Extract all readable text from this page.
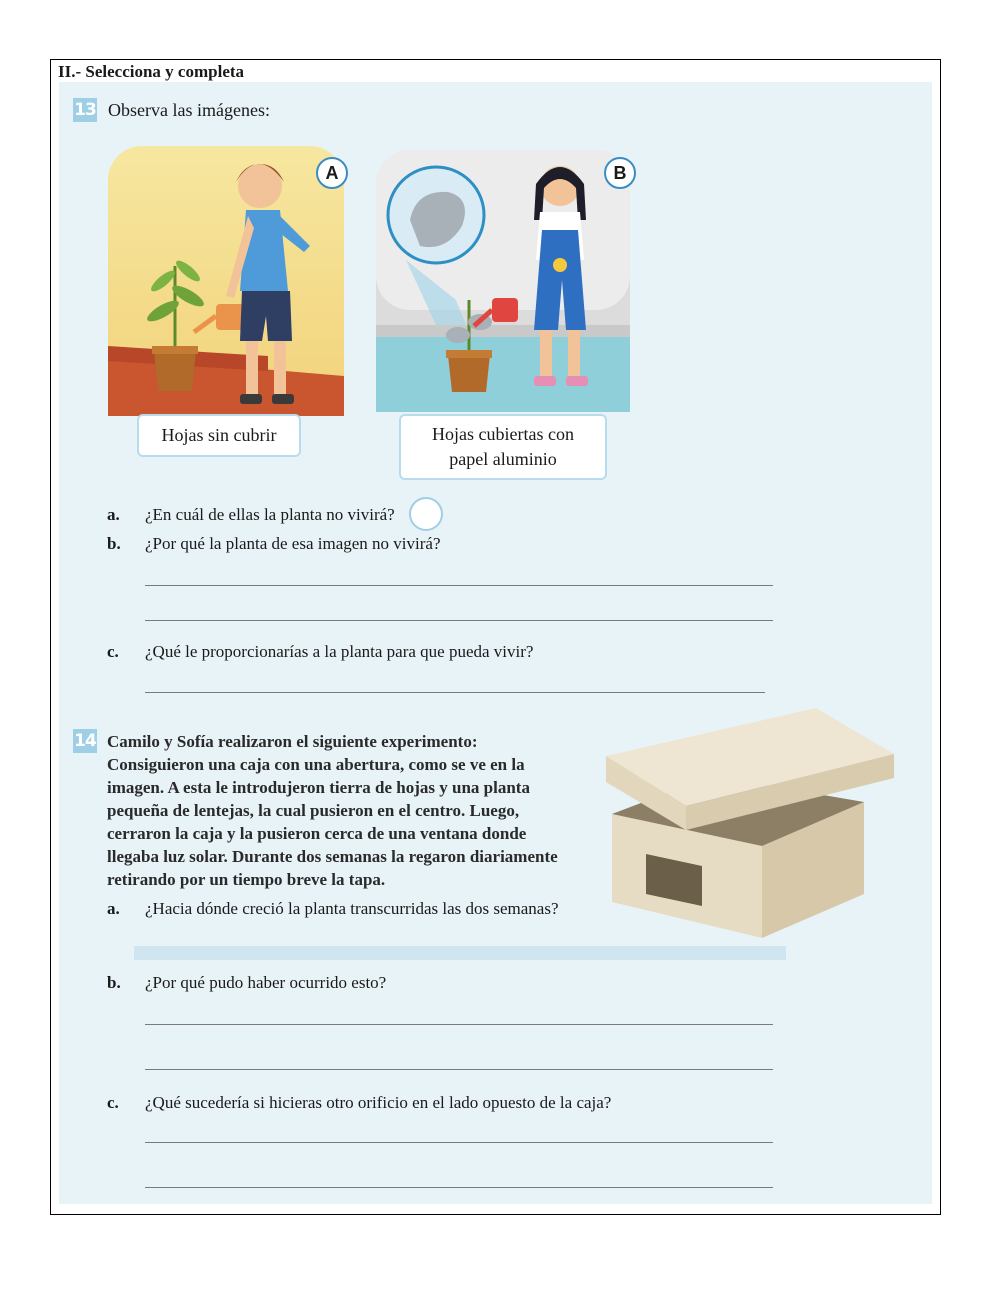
II.- Selecciona y completa
13 Observa las imágenes:
A
Hojas sin cubrir
B
Hojas cubiertas con
papel aluminio
a. ¿En cuál de ellas la planta no vivirá?
b. ¿Por qué la planta de esa imagen no vivirá?
c. ¿Qué le proporcionarías a la planta para que pueda vivir?
14 Camilo y Sofía realizaron el siguiente experimento:
Consiguieron una caja con una abertura, como se ve en la
imagen. A esta le introdujeron tierra de hojas y una planta
pequeña de lentejas, la cual pusieron en el centro. Luego,
cerraron la caja y la pusieron cerca de una ventana donde
llegaba luz solar. Durante dos semanas la regaron diariamente
retirando por un tiempo breve la tapa.
a. ¿Hacia dónde creció la planta transcurridas las dos semanas?
b. ¿Por qué pudo haber ocurrido esto?
c. ¿Qué sucedería si hicieras otro orificio en el lado opuesto de la caja?
